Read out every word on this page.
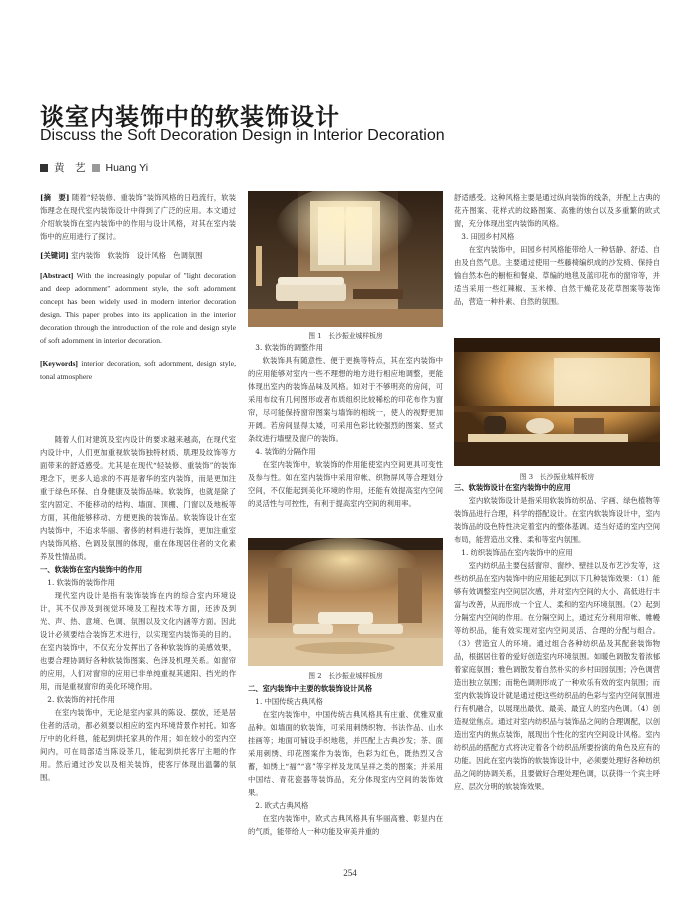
谈室内装饰中的软装饰设计
Discuss the Soft Decoration Design in Interior Decoration
黄　艺 Huang Yi

[摘　要] 随着“轻装修、重装饰”装饰风格的日趋流行，软装饰理念在现代室内装饰设计中得到了广泛的应用。本文通过介绍软装饰在室内装饰中的作用与设计风格，对其在室内装饰中的应用进行了探讨。

[关键词] 室内装饰　软装饰　设计风格　色调氛围

[Abstract] With the increasingly popular of "light decoration and deep adornment" adornment style, the soft adornment concept has been widely used in modern interior decoration design. This paper probes into its application in the interior decoration through the introduction of the role and design style of soft adornment in interior decoration.

[Keywords] interior decoration, soft adornment, design style, tonal atmosphere

随着人们对建筑及室内设计的要求越来越高，在现代室内设计中，人们更加重视软装饰独特材质、肌理及纹饰等方面带来的舒适感受。尤其是在现代“轻装修、重装饰”的装饰理念下，更多人追求的不再是奢华的室内装饰，而是更加注重于绿色环保、自身健康及装饰品味。软装饰，也就是除了室内固定、不能移动的结构、墙面、顶棚、门窗以及地板等方面，其他能够移动、方便更换的装饰品。软装饰设计在室内装饰中，不追求华丽、奢侈的材料进行装饰，更加注重室内装饰风格、色调及氛围的体现，重在体现居住者的文化素养及性情品质。

一、软装饰在室内装饰中的作用

1. 软装饰的装饰作用

现代室内设计是指有装饰装饰在内的综合室内环境设计，其不仅涉及到视觉环境及工程技术等方面，还涉及到光、声、热、意境、色调、氛围以及文化内涵等方面。因此设计必须要结合装饰艺术进行，以实现室内装饰美的目的。在室内装饰中，不仅充分发挥出了各种软装饰的美感效果，也要合理协调好各种软装饰图案、色泽及机理关系。如窗帘的应用，人们对窗帘的应用已非单纯重视其遮阳、挡光的作用，而是重视窗帘的美化环境作用。

2. 软装饰的衬托作用

在室内装饰中，无论是室内家具的陈设、摆放，还是居住者的活动，都必须要以相应的室内环境背景作衬托。如客厅中的化纤毯，能起到烘托家具的作用；如在较小的室内空间内，可在局部适当陈设茶几，能起到烘托客厅主题的作用。然后通过沙发以及相关装饰，使客厅体现出温馨的氛围。

图 1　长沙振业城样板房

3. 软装饰的调整作用

软装饰具有随意性、便于更换等特点，其在室内装饰中的应用能够对室内一些不理想的地方进行相应地调整，更能体现出室内的装饰品味及风格。如对于不够明亮的房间，可采用布纹有几何图形或者布质组织比较稀松的印花布作为窗帘，尽可能保持窗帘图案与墙饰的相统一，使人的视野更加开阔。若房间显得太矮，可采用色彩比较强烈的图案、竖式条纹进行墙壁及窗户的装饰。

4. 装饰的分隔作用

在室内装饰中，软装饰的作用能使室内空间更具可变性及参与性。如在室内装饰中采用帘帐、织物屏风等合理划分空间，不仅能起到美化环境的作用，还能有效提高室内空间的灵活性与可控性，有利于提高室内空间的利用率。

图 2　长沙振业城样板房

二、室内装饰中主要的软装饰设计风格

1. 中国传统古典风格

在室内装饰中，中国传统古典风格具有庄重、优雅双重品种。如墙面的软装饰，可采用刺绣织物、书法作品、山水挂画等；地面可铺设手织地毯，并匹配上古典沙发；茶、面采用刺绣、印花图案作为装饰，色彩为红色，既热烈又含蓄，如绣上“福”“喜”等字样及龙凤呈祥之类的图案；并采用中国结、青花瓷器等装饰品，充分体现室内空间的装饰效果。

2. 欧式古典风格

在室内装饰中，欧式古典风格具有华丽高雅、彰显内在的气质，能带给人一种功能及审美并重的

舒适感受。这种风格主要是通过纵向装饰的线条，并配上古典的花卉图案、花样式的纹路图案、高雅的烛台以及多重繁的欧式窗，充分体现出室内装饰的风格。

3. 田园乡村风格

在室内装饰中，田园乡村风格能带给人一种恬静、舒适、自由及自然气息。主要通过使用一些藤椅编织成的沙发椅、保持自愉自然本色的橱柜和餐桌、草编的地毯及蓝印花布的窗帘等，并适当采用一些红辣椒、玉米棒、自然干燥花及花草图案等装饰品，营造一种朴素、自然的氛围。

图 3　长沙振业城样板房

三、软装饰设计在室内装饰中的应用

室内软装饰设计是指采用软装饰纺织品、字画、绿色植物等装饰品进行合理，科学的搭配设计。在室内软装饰设计中，室内装饰品的设色特性决定着室内的整体基调。适当好适的室内空间布局，能营造出文雅、柔和等室内氛围。

1. 纺织装饰品在室内装饰中的应用

室内纺织品主要包括窗帘、窗纱、壁挂以及布艺沙发等，这些纺织品在室内装饰中的应用能起到以下几种装饰效果：（1）能够有效调整室内空间层次感，并对室内空间的大小、高低进行丰富与改善，从而形成一个宜人、柔和的室内环境氛围。（2）起到分隔室内空间的作用。在分隔空间上，通过充分利用帘帐、帷幔等纺织品，能有效实现对室内空间灵活、合理的分配与组合。（3）营造宜人的环境。通过组合各种纺织品及其配套装饰物品，根据居住着的爱好创造室内环境氛围。如暖色调散发着浓郁着家庭氛围；雅色调散发着自然朴实的乡村田园氛围；冷色调营造出独立氛围；而艳色调则形成了一种欢乐有效的室内氛围；而室内软装饰设计就是通过使这些纺织品的色彩与室内空间氛围进行有机融合，以展现出最优、最美、最宜人的室内色调。（4）创造视觉焦点。通过对室内纺织品与装饰品之间的合理调配，以创造出室内的焦点装饰，展现出个性化的室内空间设计风格。室内纺织品的搭配方式将决定着各个纺织品所要扮演的角色及应有的功能。因此在室内装饰的软装饰设计中，必须要处理好各种纺织品之间的协调关系，且要做好合理处理色调，以获得一个宾主呼应、层次分明的软装饰效果。

254
